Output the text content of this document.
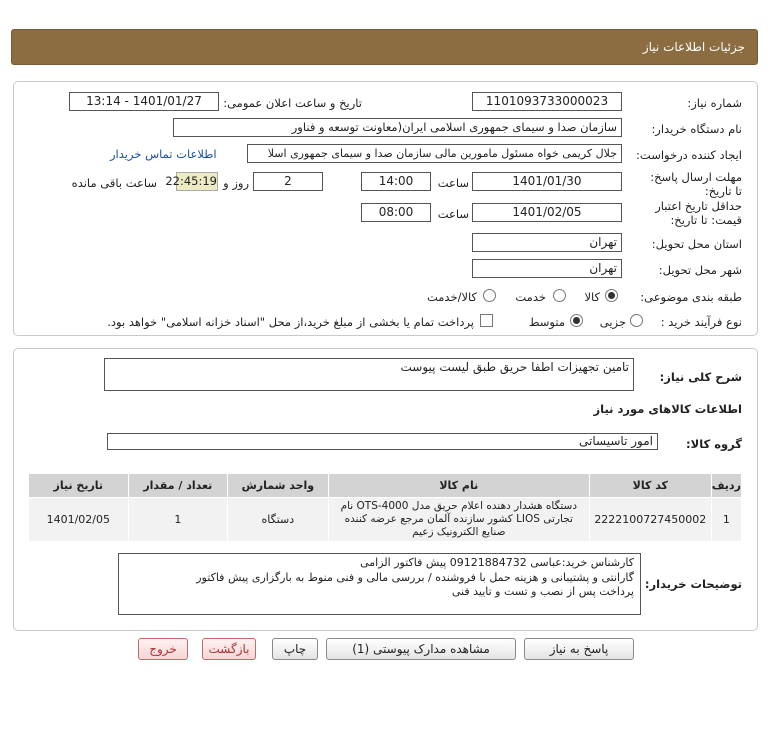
جزئیات اطلاعات نیاز
شماره نیاز:
1101093733000023
تاریخ و ساعت اعلان عمومی:
1401/01/27 - 13:14
نام دستگاه خریدار:
سازمان صدا و سیمای جمهوری اسلامی ایران(معاونت توسعه و فناور
ایجاد کننده درخواست:
جلال کریمی خواه مسئول مامورین مالی سازمان صدا و سیمای جمهوری اسلا
اطلاعات تماس خریدار
مهلت ارسال پاسخ: تا تاریخ:
1401/01/30
ساعت
14:00
2
روز و
22:45:19
ساعت باقی مانده
حداقل تاریخ اعتبار قیمت: تا تاریخ:
1401/02/05
ساعت
08:00
استان محل تحویل:
تهران
شهر محل تحویل:
تهران
طبقه بندی موضوعی:
کالا
خدمت
کالا/خدمت
نوع فرآیند خرید :
جزیی
متوسط
پرداخت تمام یا بخشی از مبلغ خرید،از محل "اسناد خزانه اسلامی" خواهد بود.
شرح کلی نیاز:
تامین تجهیزات اطفا حریق طبق لیست پیوست
اطلاعات کالاهای مورد نیاز
گروه کالا:
امور تاسیساتی
ردیف	کد کالا	نام کالا	واحد شمارش	تعداد / مقدار	تاریخ نیاز
1	2222100727450002	دستگاه هشدار دهنده اعلام حریق مدل OTS-4000 نام تجارتی LIOS کشور سازنده آلمان مرجع عرضه کننده صنایع الکترونیک زعیم	دستگاه	1	1401/02/05
توضیحات خریدار:
کارشناس خرید:عباسی 09121884732 پیش فاکتور الزامی
گارانتی و پشتیبانی و هزینه حمل با فروشنده / بررسی مالی و فنی منوط به بارگزاری پیش فاکتور
پرداخت پس از نصب و تست و تایید فنی
پاسخ به نیاز
مشاهده مدارک پیوستی (1)
چاپ
بازگشت
خروج
